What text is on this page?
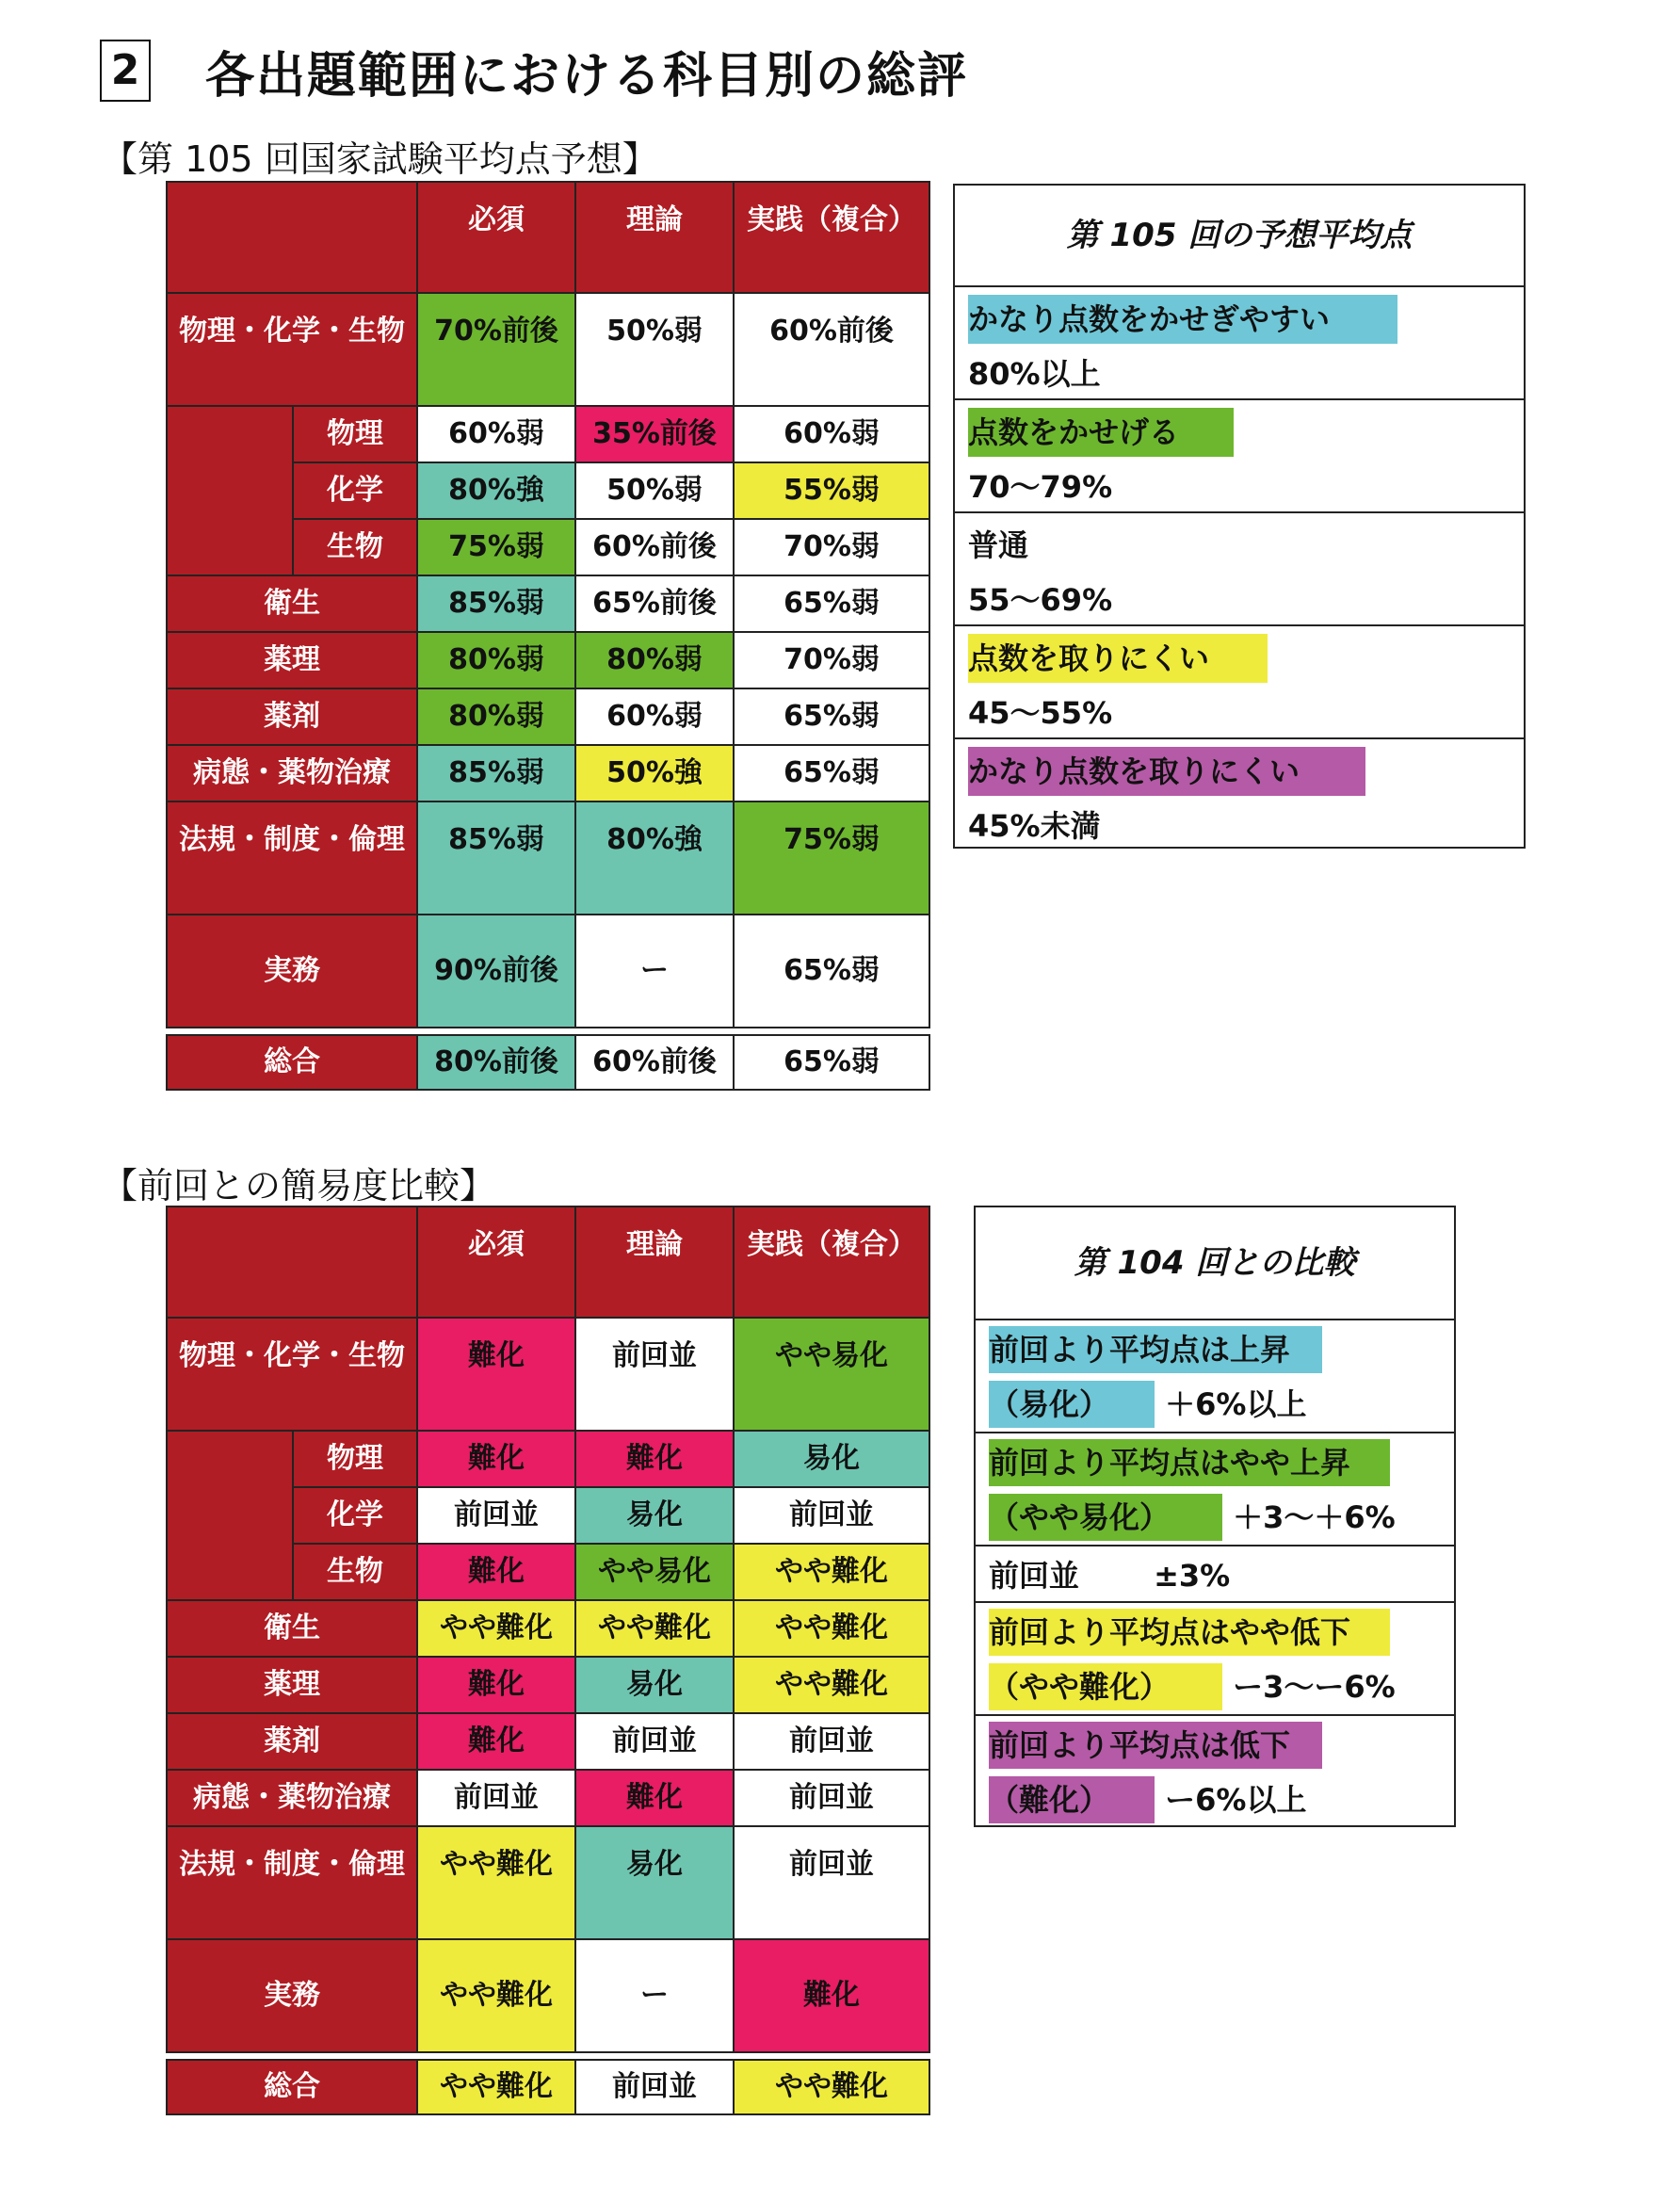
2 各出題範囲における科目別の総評
【第 105 回国家試験平均点予想】
		必須	理論	実践（複合）
物理・化学・生物		70%前後	50%弱	60%前後
	物理	60%弱	35%前後	60%弱
	化学	80%強	50%弱	55%弱
	生物	75%弱	60%前後	70%弱
衛生		85%弱	65%前後	65%弱
薬理		80%弱	80%弱	70%弱
薬剤		80%弱	60%弱	65%弱
病態・薬物治療		85%弱	50%強	65%弱
法規・制度・倫理		85%弱	80%強	75%弱
実務		90%前後	ー	65%弱

総合		80%前後	60%前後	65%弱
第 105 回の予想平均点
かなり点数をかせぎやすい
80%以上
点数をかせげる
70〜79%
普通
55〜69%
点数を取りにくい
45〜55%
かなり点数を取りにくい
45%未満
【前回との簡易度比較】
		必須	理論	実践（複合）
物理・化学・生物		難化	前回並	やや易化
	物理	難化	難化	易化
	化学	前回並	易化	前回並
	生物	難化	やや易化	やや難化
衛生		やや難化	やや難化	やや難化
薬理		難化	易化	やや難化
薬剤		難化	前回並	前回並
病態・薬物治療		前回並	難化	前回並
法規・制度・倫理		やや難化	易化	前回並
実務		やや難化	ー	難化

総合		やや難化	前回並	やや難化
第 104 回との比較
前回より平均点は上昇
（易化） ＋6%以上
前回より平均点はやや上昇
（やや易化） ＋3〜＋6%
前回並 ±3%
前回より平均点はやや低下
（やや難化） ー3〜ー6%
前回より平均点は低下
（難化） ー6%以上
